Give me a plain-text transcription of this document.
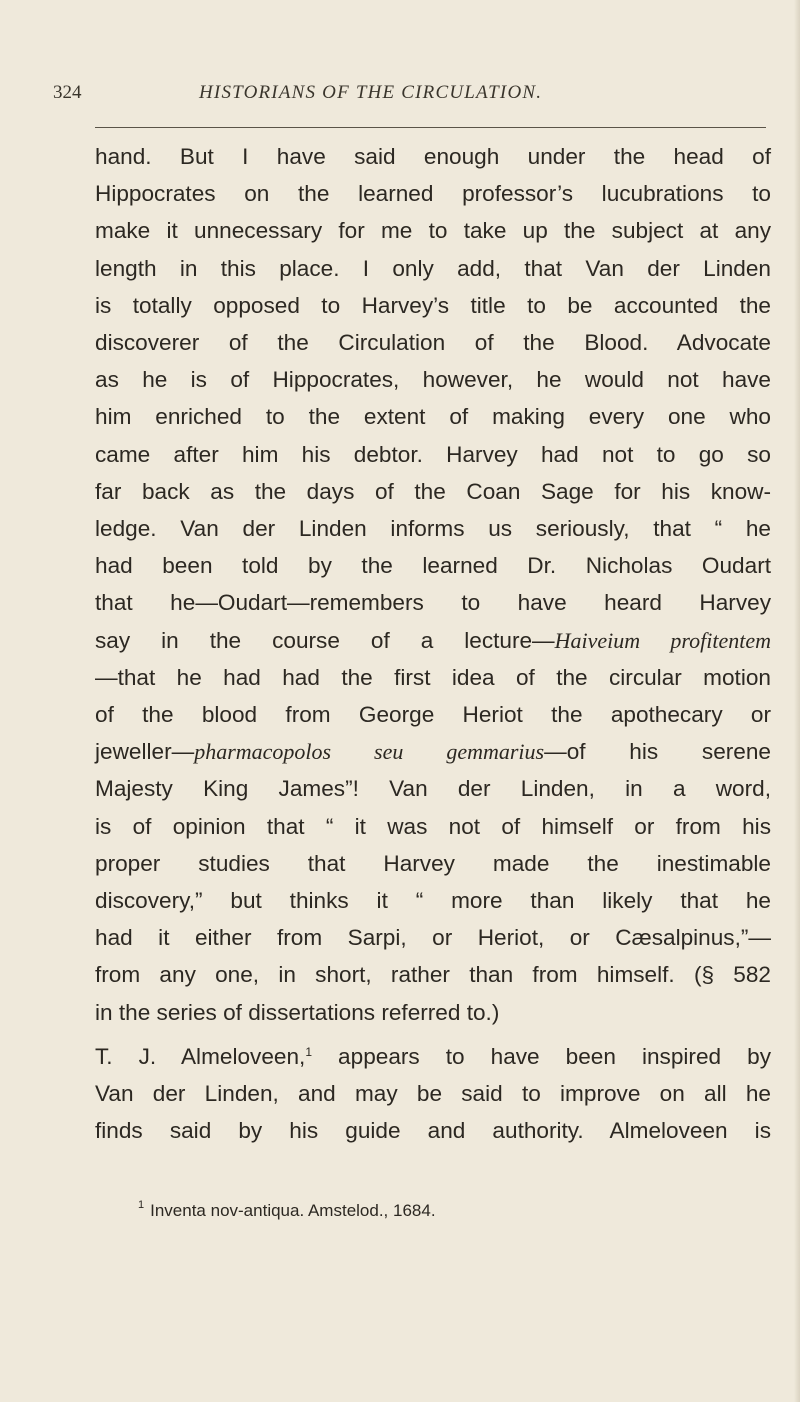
324	HISTORIANS OF THE CIRCULATION.

hand. But I have said enough under the head of
Hippocrates on the learned professor’s lucubrations to
make it unnecessary for me to take up the subject at any
length in this place. I only add, that Van der Linden
is totally opposed to Harvey’s title to be accounted the
discoverer of the Circulation of the Blood. Advocate
as he is of Hippocrates, however, he would not have
him enriched to the extent of making every one who
came after him his debtor. Harvey had not to go so
far back as the days of the Coan Sage for his know-
ledge. Van der Linden informs us seriously, that “ he
had been told by the learned Dr. Nicholas Oudart
that he—Oudart—remembers to have heard Harvey
say in the course of a lecture—Haiveium profitentem
—that he had had the first idea of the circular motion
of the blood from George Heriot the apothecary or
jeweller—pharmacopolos seu gemmarius—of his serene
Majesty King James”! Van der Linden, in a word,
is of opinion that “ it was not of himself or from his
proper studies that Harvey made the inestimable
discovery,” but thinks it “ more than likely that he
had it either from Sarpi, or Heriot, or Cæsalpinus,”—
from any one, in short, rather than from himself. (§ 582
in the series of dissertations referred to.)

T. J. Almeloveen,$^1$ appears to have been inspired by
Van der Linden, and may be said to improve on all he
finds said by his guide and authority. Almeloveen is

$^1$ Inventa nov-antiqua. Amstelod., 1684.
